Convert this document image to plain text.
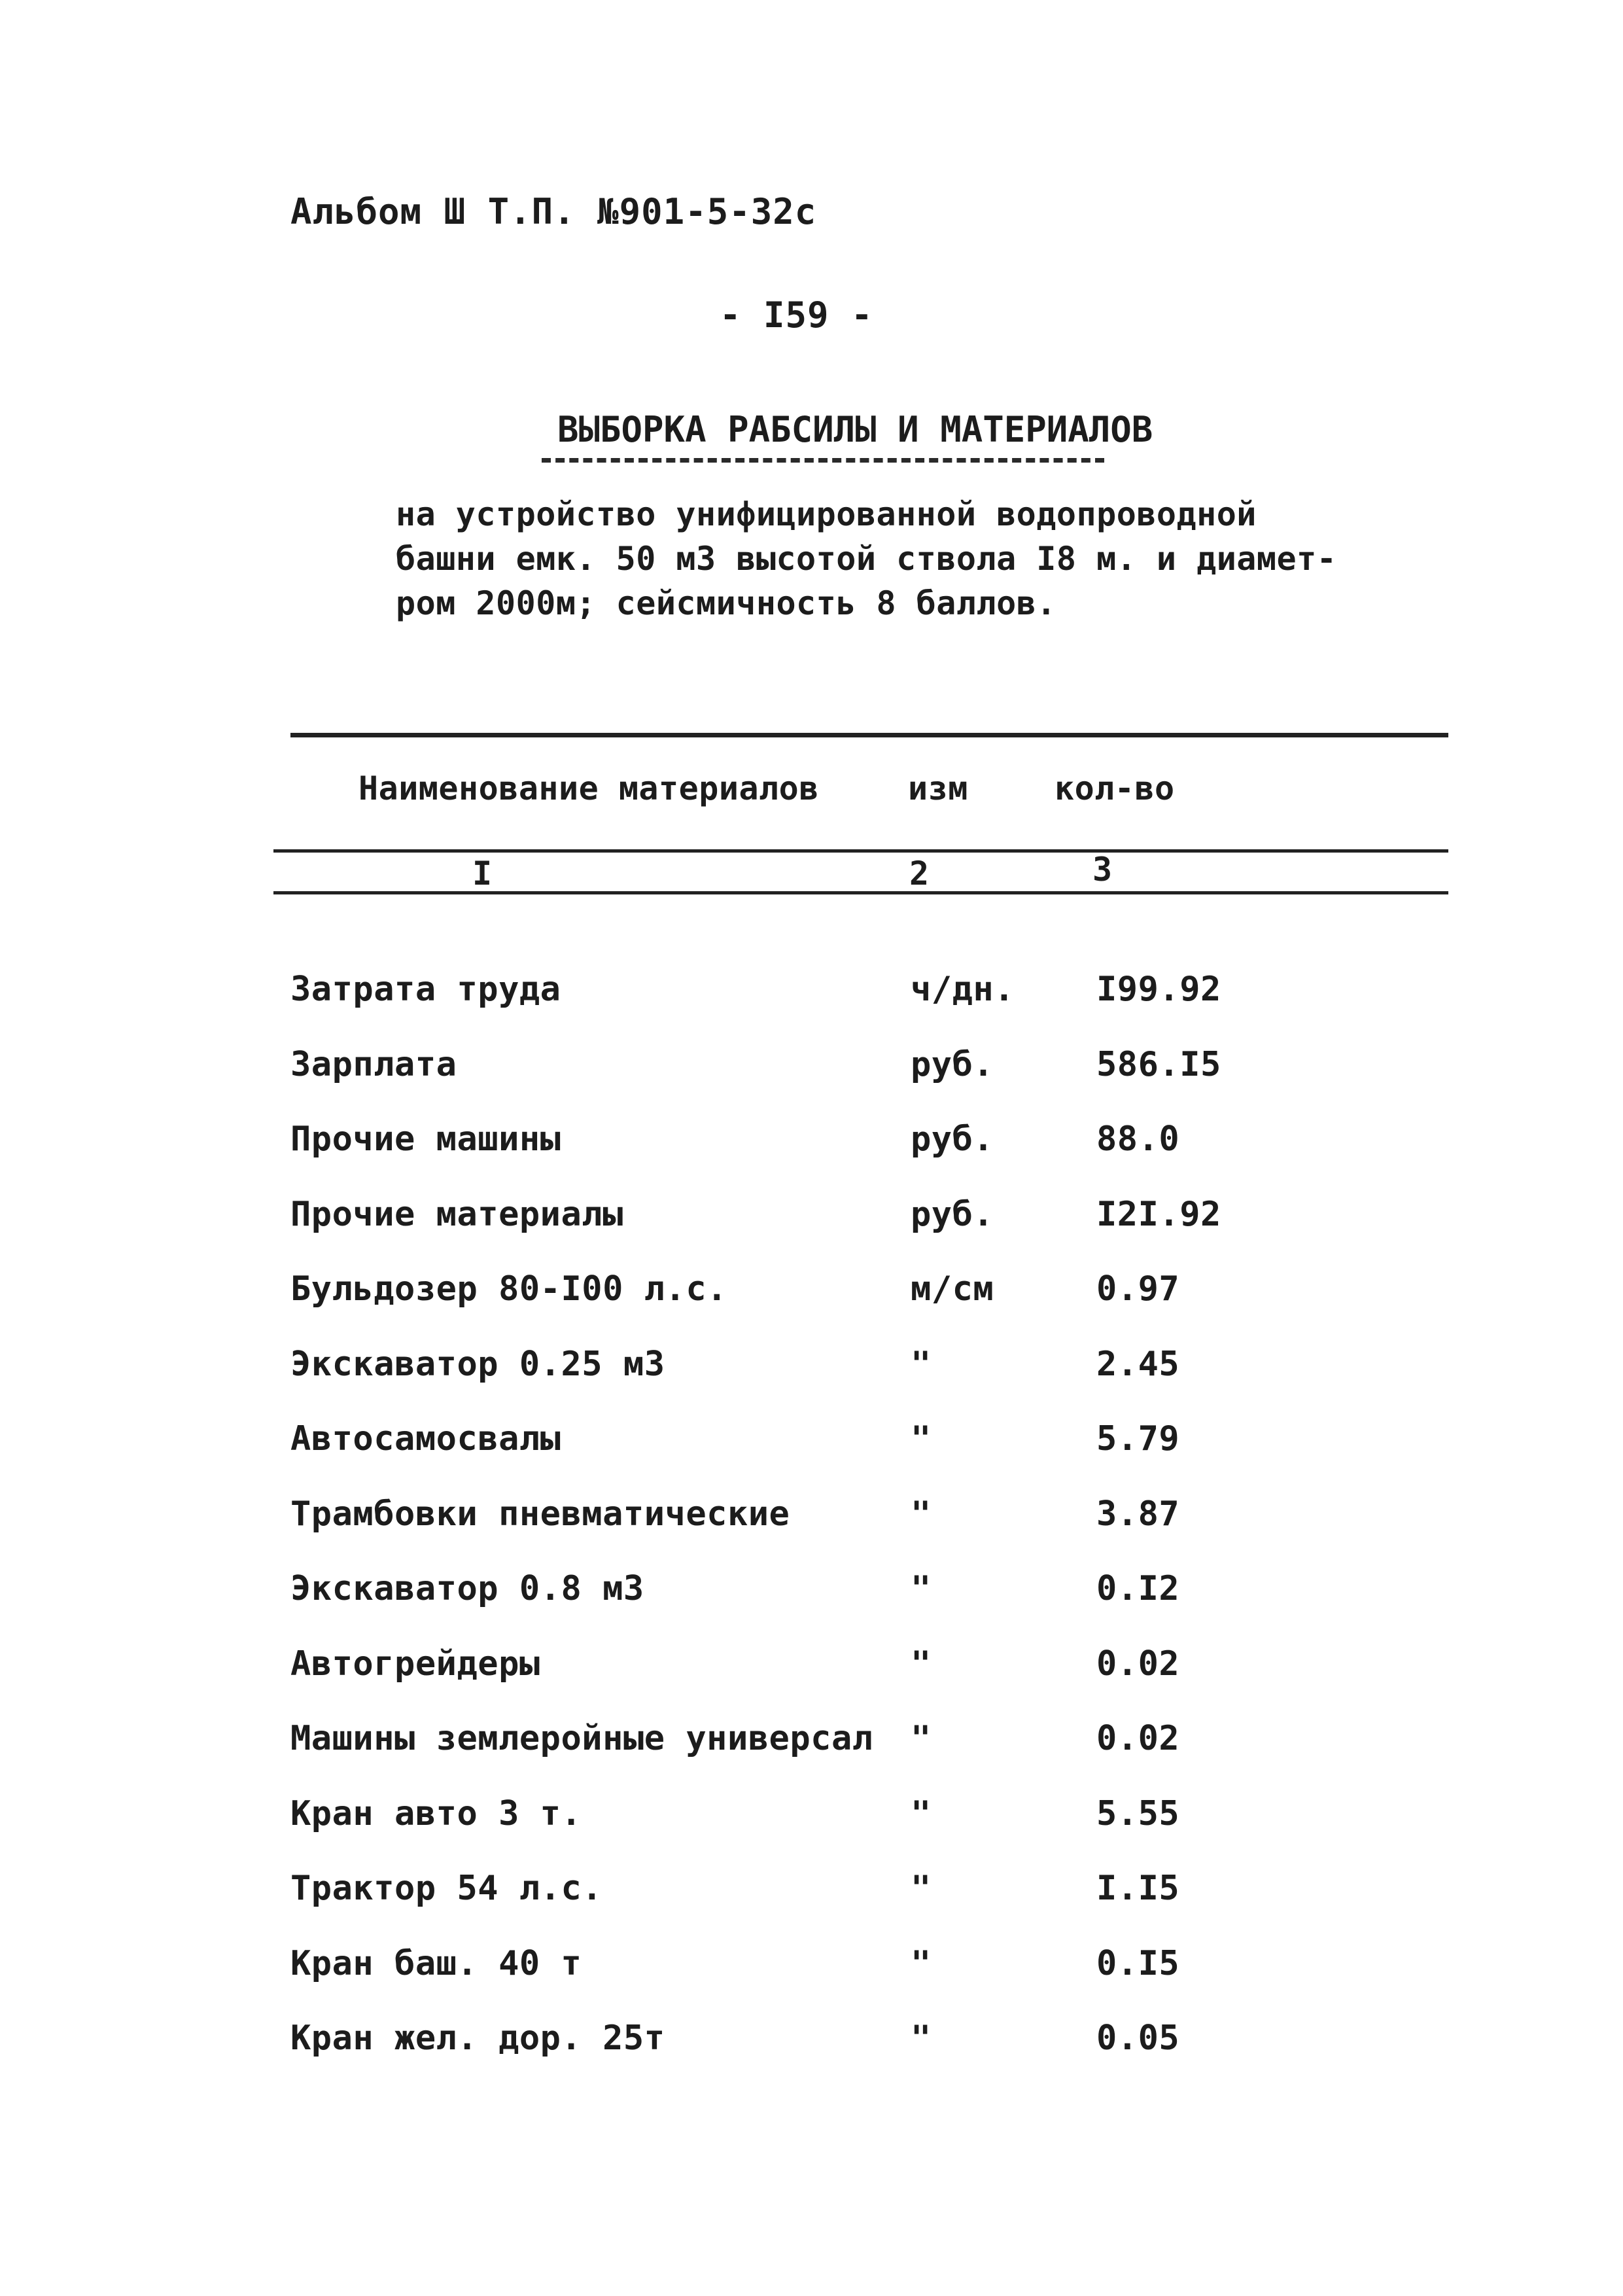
Альбом Ш Т.П. №901-5-32с
- I59 -
ВЫБОРКА РАБСИЛЫ И МАТЕРИАЛОВ
на устройство унифицированной водопроводной
башни емк. 50 м3 высотой ствола I8 м. и диамет-
ром 2000м; сейсмичность 8 баллов.
Наименование материалов	изм	кол-во
I	2	3
Затрата труда	ч/дн. I99.92
Зарплата	руб.	586.I5
Прочие машины	руб.	88.0
Прочие материалы	руб.	I2I.92
Бульдозер 80-I00 л.с.	м/см	0.97
Экскаватор 0.25 м3	"	2.45
Автосамосвалы	"	5.79
Трамбовки пневматические	"	3.87
Экскаватор 0.8 м3	"	0.I2
Автогрейдеры	"	0.02
Машины землеройные универсал "	0.02
Кран авто 3 т.	"	5.55
Трактор 54 л.с.	"	I.I5
Кран баш. 40 т	"	0.I5
Кран жел. дор. 25т	"	0.05
